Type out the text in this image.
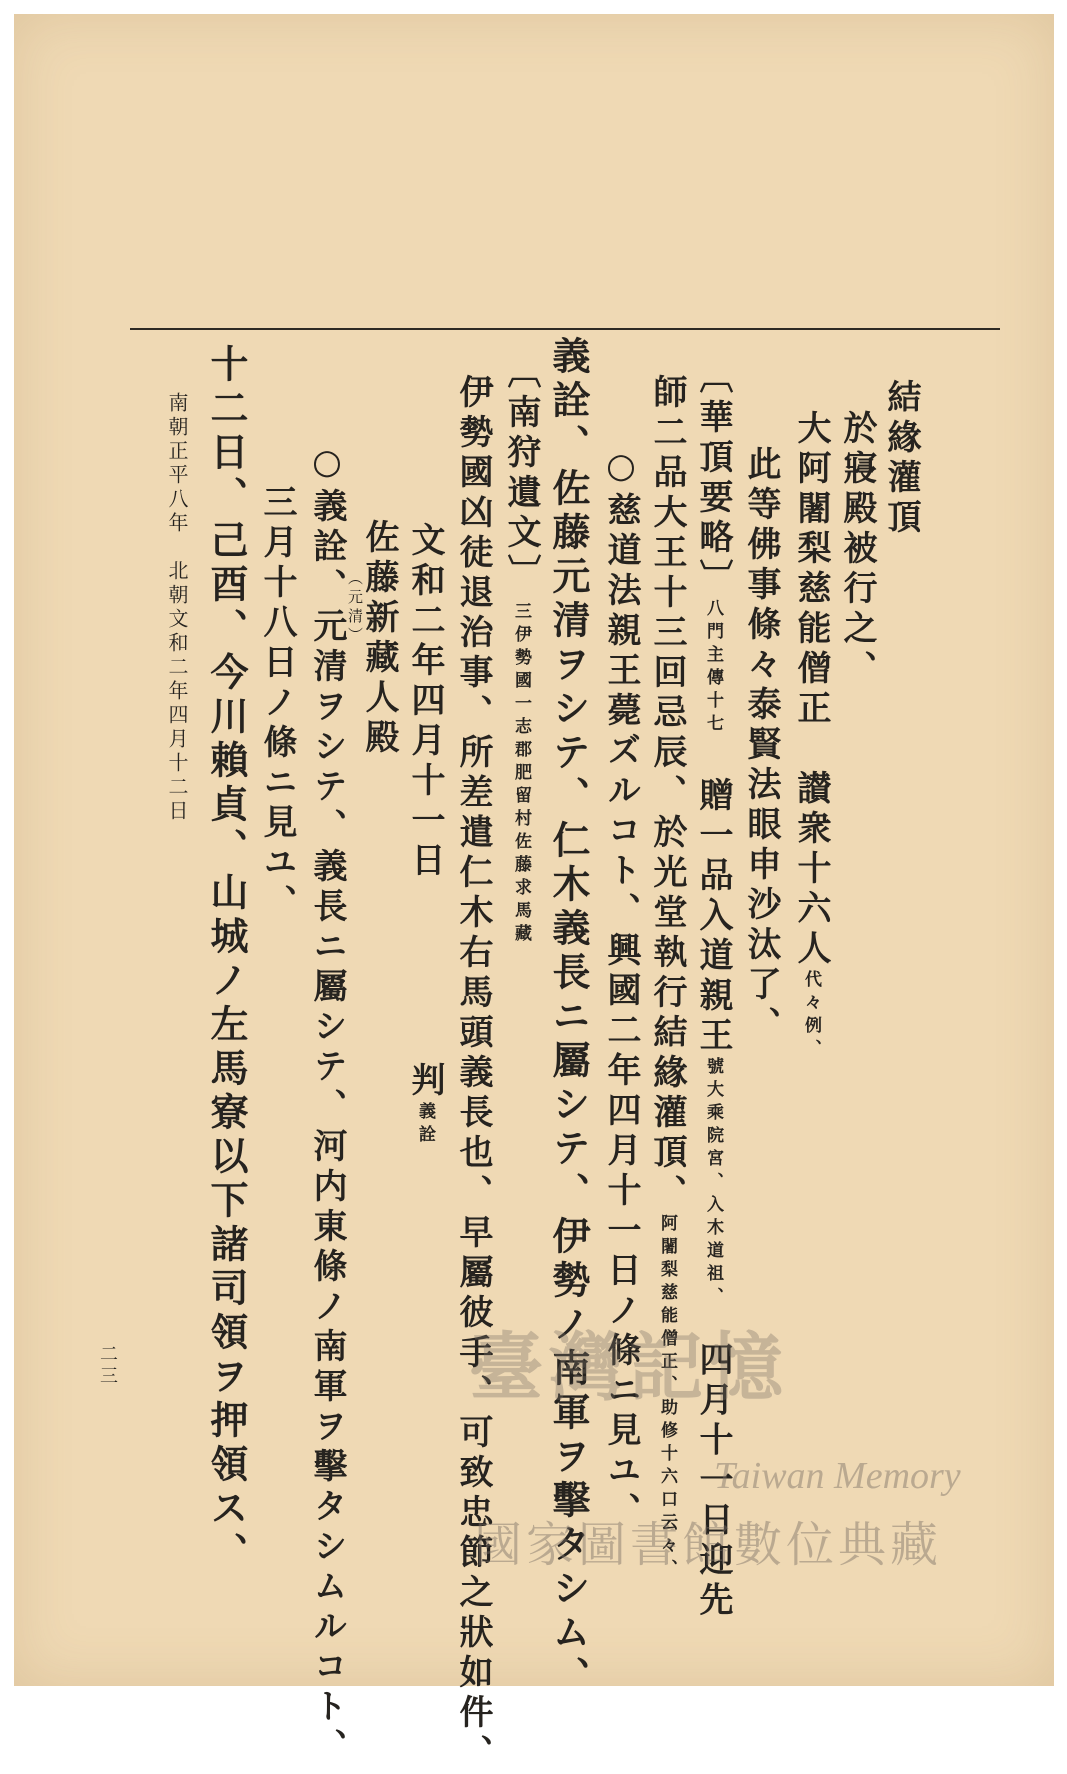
結緣灌頂
於寢殿被行之、
大阿闍梨慈能僧正　讃衆十六人代々例、
此等佛事條々泰賢法眼申沙汰了、
〔華頂要略〕八門主傳十七　贈一品入道親王號大乘院宮、入木道祖、　四月十一日迎先
師二品大王十三回忌辰、於光堂執行結緣灌頂、阿闍梨慈能僧正、助修十六口云々、
○慈道法親王薨ズルコト、興國二年四月十一日ノ條ニ見ユ、
義詮、佐藤元清ヲシテ、仁木義長ニ屬シテ、伊勢ノ南軍ヲ擊タシム、
〔南狩遺文〕三伊勢國一志郡肥留村佐藤求馬藏
伊勢國凶徒退治事、所差遣仁木右馬頭義長也、早屬彼手、可致忠節之狀如件、
文和二年四月十一日判義詮
佐藤新藏人殿
（元清）
○義詮、元清ヲシテ、義長ニ屬シテ、河内東條ノ南軍ヲ擊タシムルコト、
三月十八日ノ條ニ見ユ、
十二日、己酉、今川賴貞、山城ノ左馬寮以下諸司領ヲ押領ス、
南朝正平八年　北朝文和二年四月十二日
二三	臺灣記憶
Taiwan Memory
國家圖書館數位典藏
